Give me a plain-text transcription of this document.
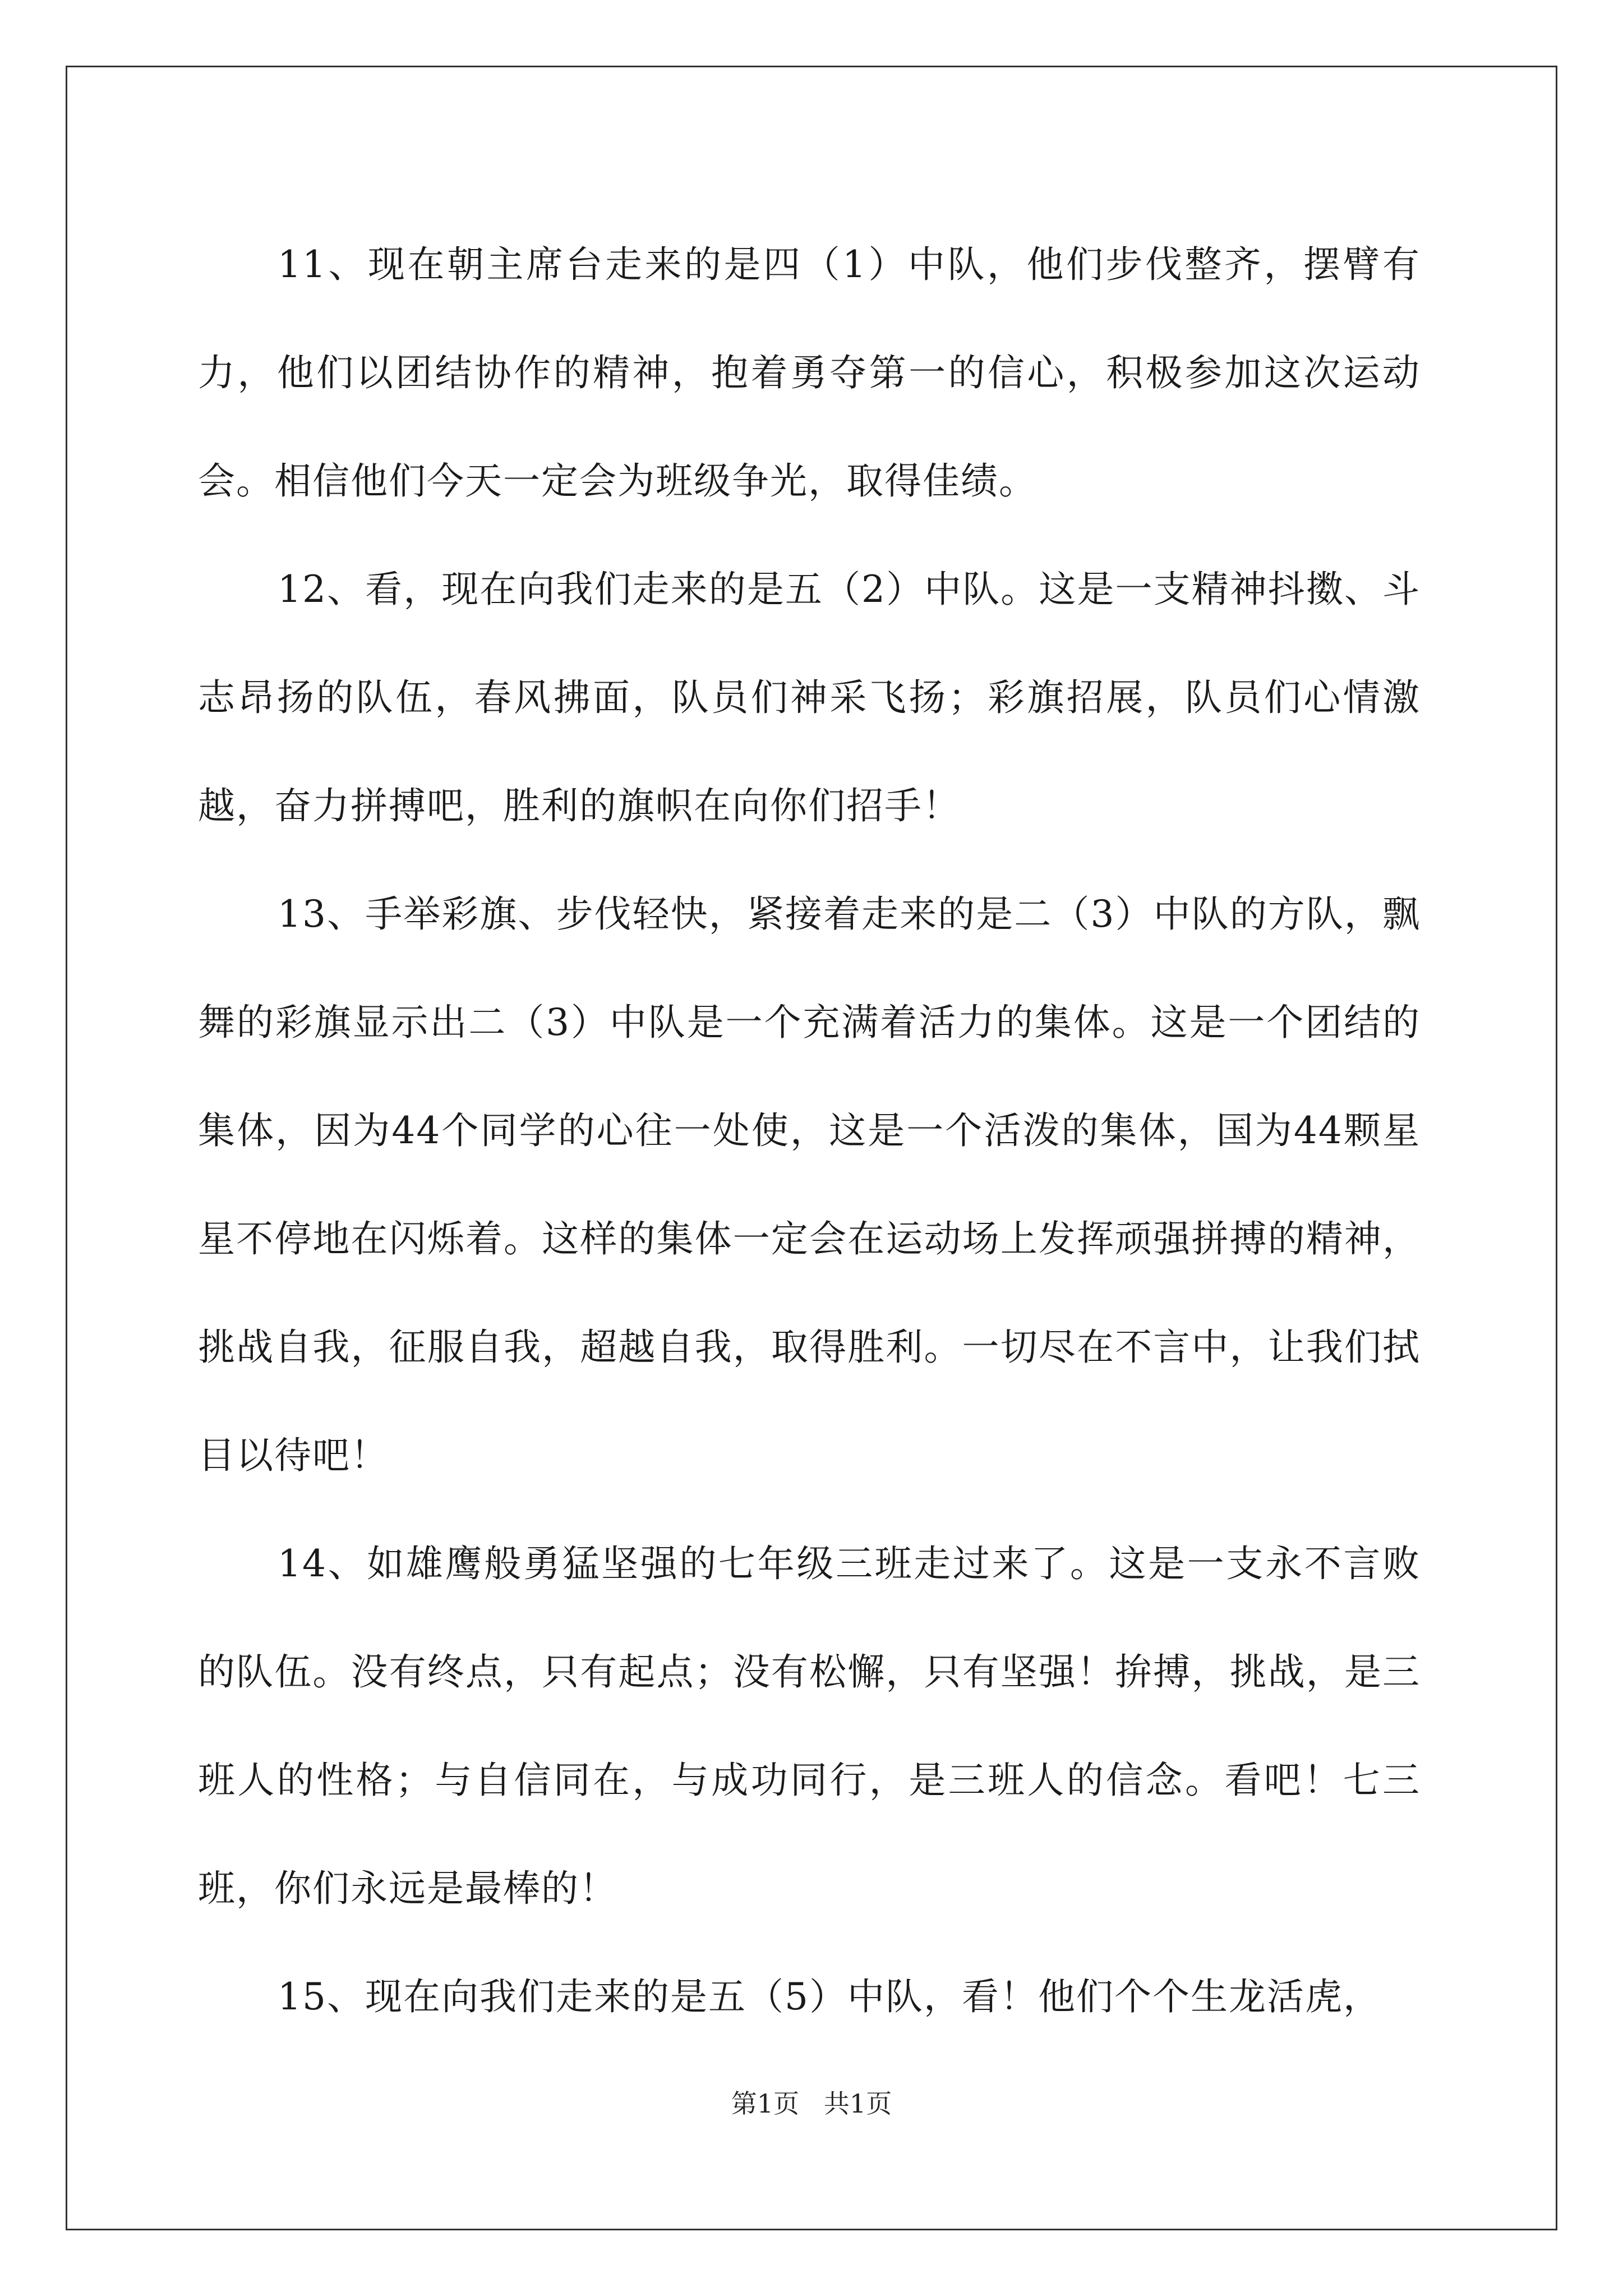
11、现在朝主席台走来的是四（1）中队，他们步伐整齐，摆臂有力，他们以团结协作的精神，抱着勇夺第一的信心，积极参加这次运动会。相信他们今天一定会为班级争光，取得佳绩。

12、看，现在向我们走来的是五（2）中队。这是一支精神抖擞、斗志昂扬的队伍，春风拂面，队员们神采飞扬；彩旗招展，队员们心情激越，奋力拼搏吧，胜利的旗帜在向你们招手！

13、手举彩旗、步伐轻快，紧接着走来的是二（3）中队的方队，飘舞的彩旗显示出二（3）中队是一个充满着活力的集体。这是一个团结的集体，因为44个同学的心往一处使，这是一个活泼的集体，国为44颗星星不停地在闪烁着。这样的集体一定会在运动场上发挥顽强拼搏的精神，挑战自我，征服自我，超越自我，取得胜利。一切尽在不言中，让我们拭目以待吧！

14、如雄鹰般勇猛坚强的七年级三班走过来了。这是一支永不言败的队伍。没有终点，只有起点；没有松懈，只有坚强！拚搏，挑战，是三班人的性格；与自信同在，与成功同行，是三班人的信念。看吧！七三班，你们永远是最棒的！

15、现在向我们走来的是五（5）中队，看！他们个个生龙活虎，

第1页   共1页
